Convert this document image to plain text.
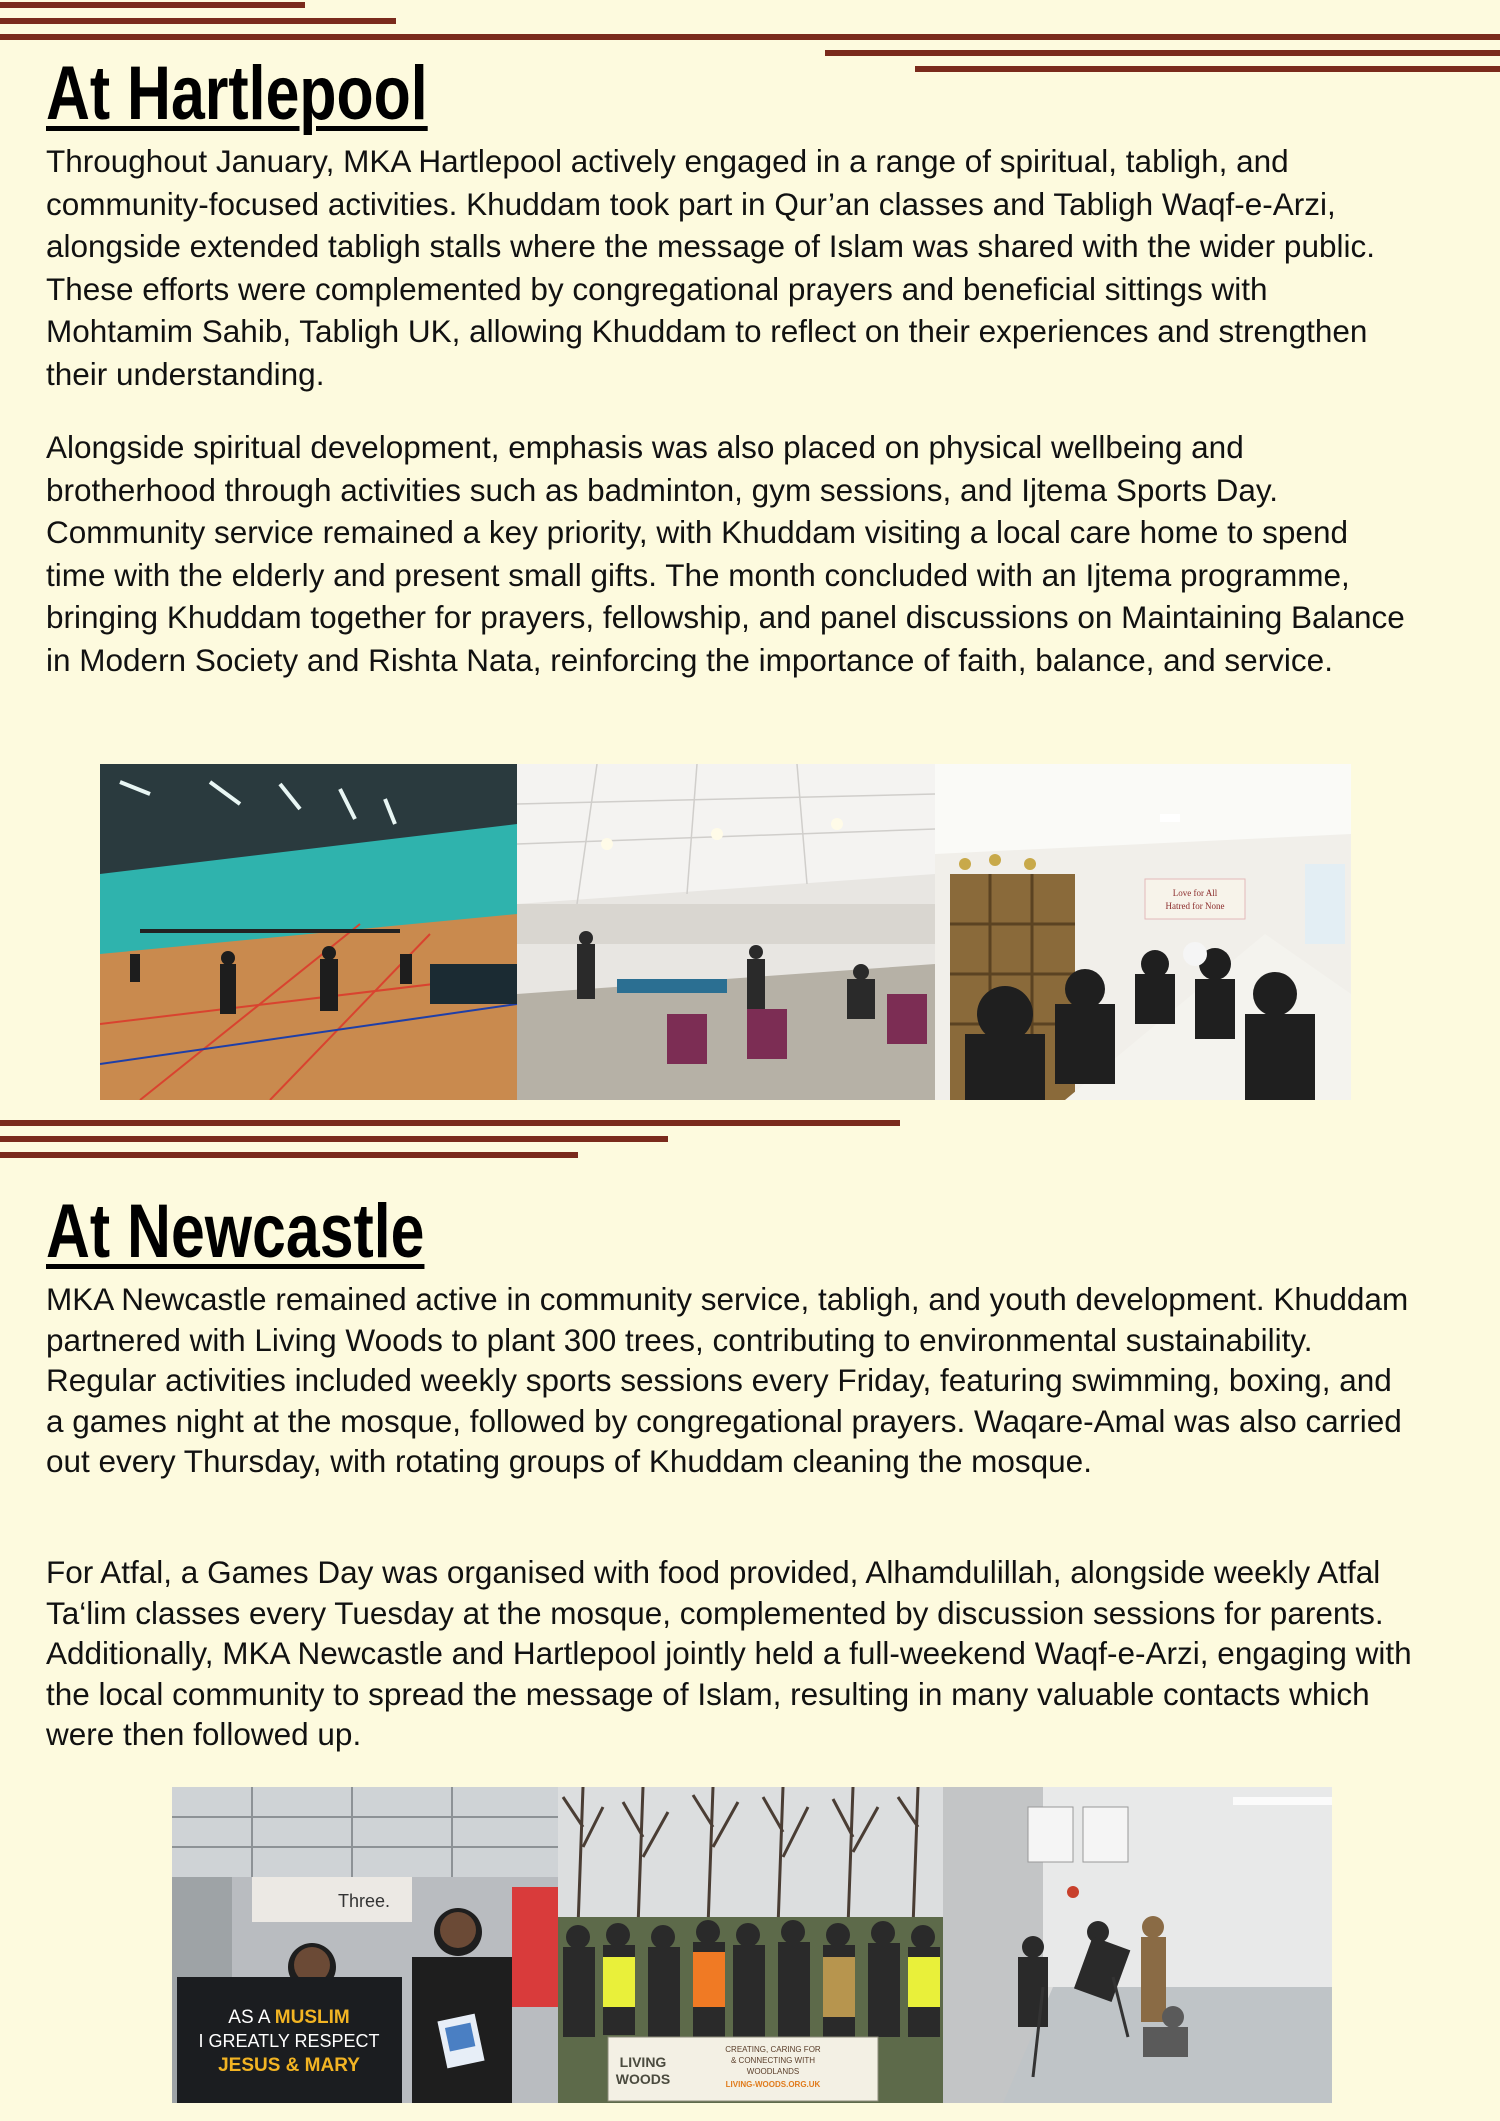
At Hartlepool

Throughout January, MKA Hartlepool actively engaged in a range of spiritual, tabligh, and community-focused activities. Khuddam took part in Qur’an classes and Tabligh Waqf-e-Arzi, alongside extended tabligh stalls where the message of Islam was shared with the wider public. These efforts were complemented by congregational prayers and beneficial sittings with Mohtamim Sahib, Tabligh UK, allowing Khuddam to reflect on their experiences and strengthen their understanding.

Alongside spiritual development, emphasis was also placed on physical wellbeing and brotherhood through activities such as badminton, gym sessions, and Ijtema Sports Day. Community service remained a key priority, with Khuddam visiting a local care home to spend time with the elderly and present small gifts. The month concluded with an Ijtema programme, bringing Khuddam together for prayers, fellowship, and panel discussions on Maintaining Balance in Modern Society and Rishta Nata, reinforcing the importance of faith, balance, and service.

Love for All
Hatred for None
At Newcastle

MKA Newcastle remained active in community service, tabligh, and youth development. Khuddam partnered with Living Woods to plant 300 trees, contributing to environmental sustainability. Regular activities included weekly sports sessions every Friday, featuring swimming, boxing, and a games night at the mosque, followed by congregational prayers. Waqare-Amal was also carried out every Thursday, with rotating groups of Khuddam cleaning the mosque.

For Atfal, a Games Day was organised with food provided, Alhamdulillah, alongside weekly Atfal Ta‘lim classes every Tuesday at the mosque, complemented by discussion sessions for parents. Additionally, MKA Newcastle and Hartlepool jointly held a full-weekend Waqf-e-Arzi, engaging with the local community to spread the message of Islam, resulting in many valuable contacts which were then followed up.

Three.
AS A MUSLIM
I GREATLY RESPECT
JESUS & MARY	LIVING
WOODS
CREATING, CARING FOR
& CONNECTING WITH
WOODLANDS
LIVING-WOODS.ORG.UK
